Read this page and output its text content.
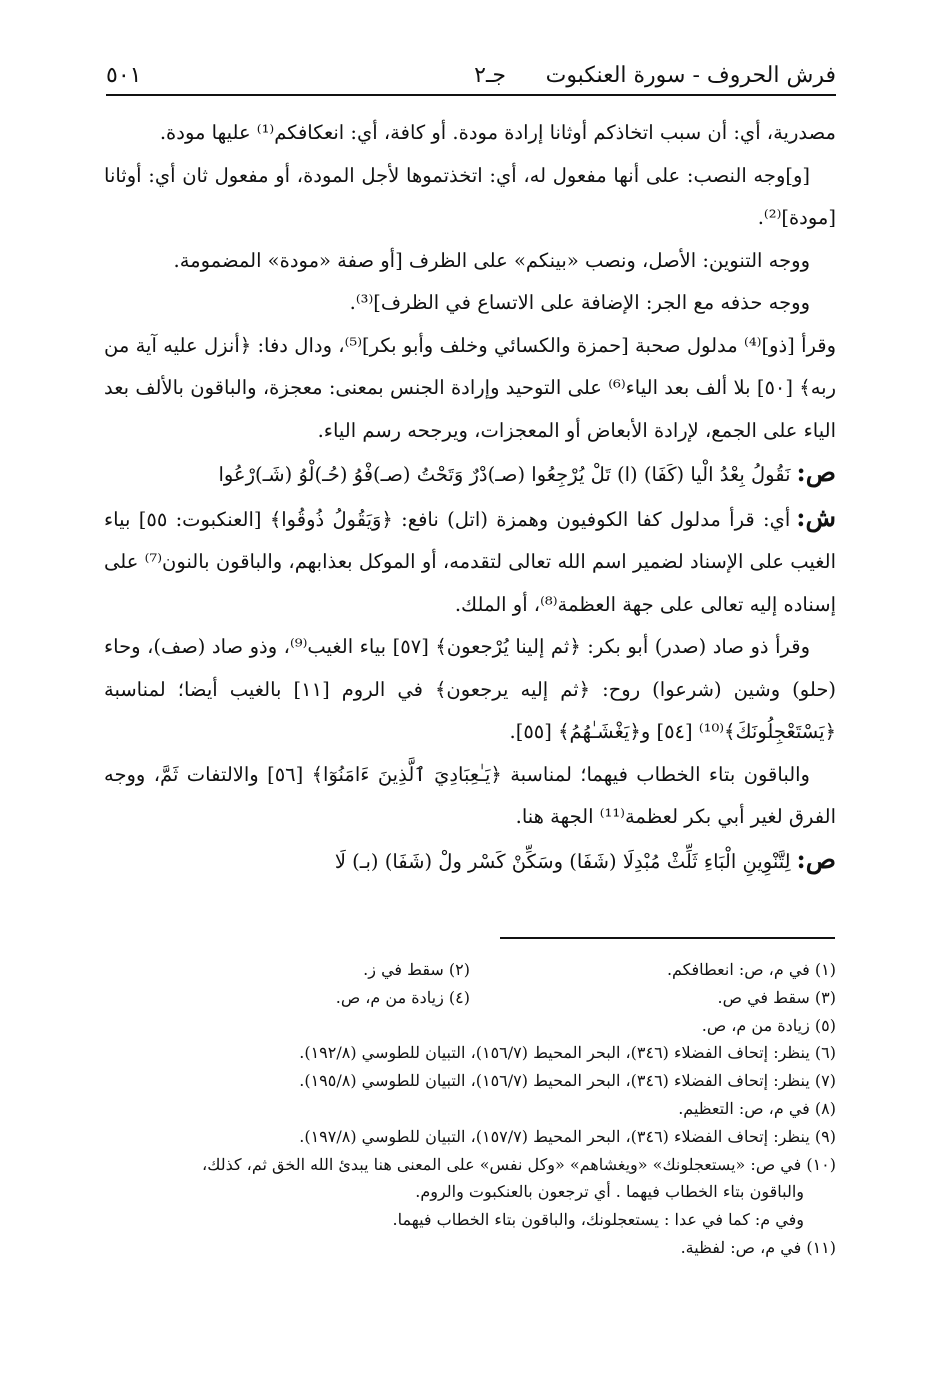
فرش الحروف - سورة العنكبوت
جـ٢
٥٠١

مصدرية، أي: أن سبب اتخاذكم أوثانا إرادة مودة. أو كافة، أي: انعكافكم⁽¹⁾ عليها مودة.

[و]وجه النصب: على أنها مفعول له، أي: اتخذتموها لأجل المودة، أو مفعول ثان أي: أوثانا [مودة]⁽²⁾.

ووجه التنوين: الأصل، ونصب «بينكم» على الظرف [أو صفة «مودة» المضمومة.

ووجه حذفه مع الجر: الإضافة على الاتساع في الظرف]⁽³⁾.

وقرأ [ذو]⁽⁴⁾ مدلول صحبة [حمزة والكسائي وخلف وأبو بكر]⁽⁵⁾، ودال دفا: ﴿أنزل عليه آية من ربه﴾ [٥٠] بلا ألف بعد الياء⁽⁶⁾ على التوحيد وإرادة الجنس بمعنى: معجزة، والباقون بالألف بعد الياء على الجمع، لإرادة الأبعاض أو المعجزات، ويرجحه رسم الياء.

ص:نَقُولُ بِعْدُ الْيا (كَفَا) (ا) تَلْ يُرْجِعُوا (صـ)دْرٌ وَتَحْتُ (صـ)فْوُ (حُـ)لْوُ (شَـ)رْعُوا

ش:أي: قرأ مدلول كفا الكوفيون وهمزة (اتل) نافع: ﴿وَيَقُولُ ذُوقُوا﴾ [العنكبوت: ٥٥] بياء الغيب على الإسناد لضمير اسم الله تعالى لتقدمه، أو الموكل بعذابهم، والباقون بالنون⁽⁷⁾ على إسناده إليه تعالى على جهة العظمة⁽⁸⁾، أو الملك.

وقرأ ذو صاد (صدر) أبو بكر: ﴿ثم إلينا يُرْجعون﴾ [٥٧] بياء الغيب⁽⁹⁾، وذو صاد (صف)، وحاء (حلو) وشين (شرعوا) روح: ﴿ثم إليه يرجعون﴾ في الروم [١١] بالغيب أيضا؛ لمناسبة ﴿يَسْتَعْجِلُونَكَ﴾⁽¹⁰⁾ [٥٤] و﴿يَغْشَـٰهُمُ﴾ [٥٥].

والباقون بتاء الخطاب فيهما؛ لمناسبة ﴿يَـٰعِبَادِيَ ٱلَّذِينَ ءَامَنُوٓا﴾ [٥٦] والالتفات ثَمَّ، ووجه الفرق لغير أبي بكر لعظمة⁽¹¹⁾ الجهة هنا.

ص:لِتَّنْوِينِ الْبَاءِ ثَلِّثْ مُبْدِلَا (شَفَا) وسَكِّنْ كَسْر ولْ (شَفَا) (بـ) لَا

(١) في م، ص: انعطافكم.(٢) سقط في ز.
(٣) سقط في ص.(٤) زيادة من م، ص.
(٥) زيادة من م، ص.
(٦) ينظر: إتحاف الفضلاء (٣٤٦)، البحر المحيط (١٥٦/٧)، التبيان للطوسي (١٩٢/٨).
(٧) ينظر: إتحاف الفضلاء (٣٤٦)، البحر المحيط (١٥٦/٧)، التبيان للطوسي (١٩٥/٨).
(٨) في م، ص: التعظيم.
(٩) ينظر: إتحاف الفضلاء (٣٤٦)، البحر المحيط (١٥٧/٧)، التبيان للطوسي (١٩٧/٨).
(١٠) في ص: «يستعجلونك» «ويغشاهم» «وكل نفس» على المعنى هنا يبدئ الله الخق ثم، كذلك،
والباقون بتاء الخطاب فيهما . أي ترجعون بالعنكبوت والروم.
وفي م: كما في عدا : يستعجلونك، والباقون بتاء الخطاب فيهما.
(١١) في م، ص: لفظية.
